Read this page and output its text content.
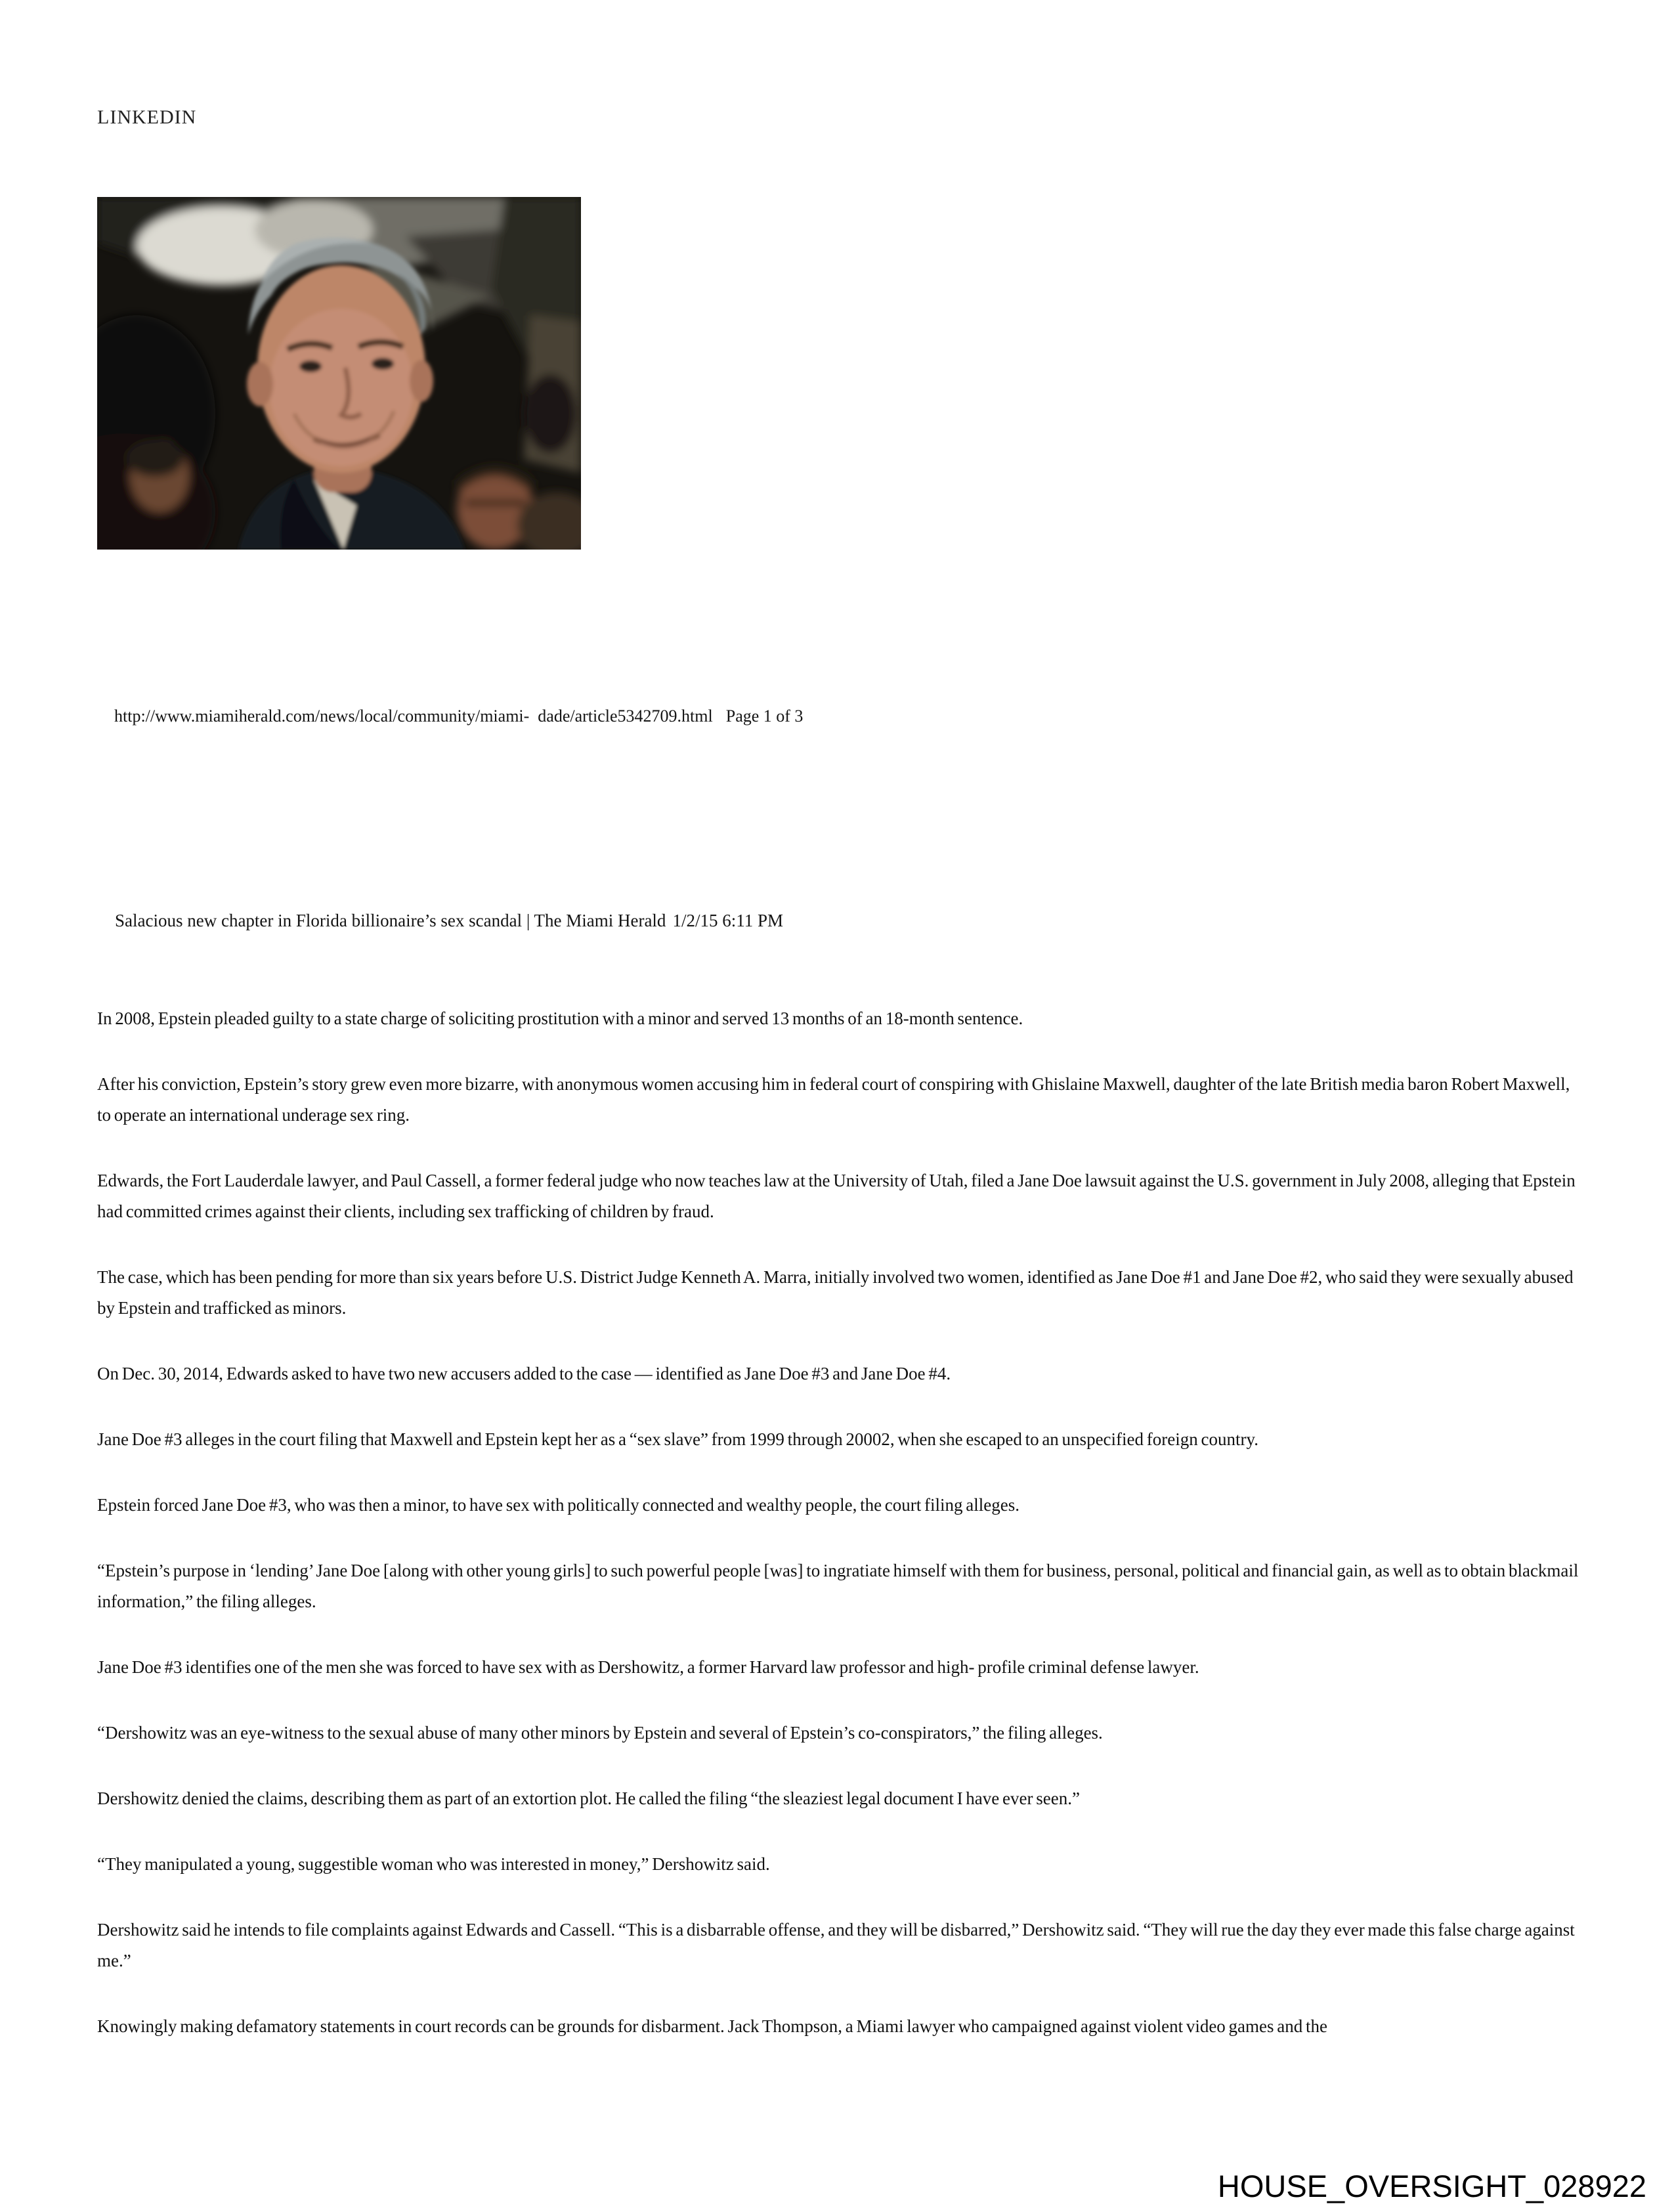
LINKEDIN

http://www.miamiherald.com/news/local/community/miami-  dade/article5342709.html Page 1 of 3

Salacious new chapter in Florida billionaire’s sex scandal | The Miami Herald 1/2/15 6:11 PM

In 2008, Epstein pleaded guilty to a state charge of soliciting prostitution with a minor and served 13 months of an 18-month sentence.

After his conviction, Epstein’s story grew even more bizarre, with anonymous women accusing him in federal court of conspiring with Ghislaine Maxwell, daughter of the late British media baron Robert Maxwell, to operate an international underage sex ring.

Edwards, the Fort Lauderdale lawyer, and Paul Cassell, a former federal judge who now teaches law at the University of Utah, filed a Jane Doe lawsuit against the U.S. government in July 2008, alleging that Epstein had committed crimes against their clients, including sex trafficking of children by fraud.

The case, which has been pending for more than six years before U.S. District Judge Kenneth A. Marra, initially involved two women, identified as Jane Doe #1 and Jane Doe #2, who said they were sexually abused by Epstein and trafficked as minors.

On Dec. 30, 2014, Edwards asked to have two new accusers added to the case — identified as Jane Doe #3 and Jane Doe #4.

Jane Doe #3 alleges in the court filing that Maxwell and Epstein kept her as a “sex slave” from 1999 through 20002, when she escaped to an unspecified foreign country.

Epstein forced Jane Doe #3, who was then a minor, to have sex with politically connected and wealthy people, the court filing alleges.

“Epstein’s purpose in ‘lending’ Jane Doe [along with other young girls] to such powerful people [was] to ingratiate himself with them for business, personal, political and financial gain, as well as to obtain blackmail information,” the filing alleges.

Jane Doe #3 identifies one of the men she was forced to have sex with as Dershowitz, a former Harvard law professor and high- profile criminal defense lawyer.

“Dershowitz was an eye-witness to the sexual abuse of many other minors by Epstein and several of Epstein’s co-conspirators,” the filing alleges.

Dershowitz denied the claims, describing them as part of an extortion plot. He called the filing “the sleaziest legal document I have ever seen.”

“They manipulated a young, suggestible woman who was interested in money,” Dershowitz said.

Dershowitz said he intends to file complaints against Edwards and Cassell. “This is a disbarrable offense, and they will be disbarred,” Dershowitz said. “They will rue the day they ever made this false charge against me.”

Knowingly making defamatory statements in court records can be grounds for disbarment. Jack Thompson, a Miami lawyer who campaigned against violent video games and the

HOUSE_OVERSIGHT_028922
